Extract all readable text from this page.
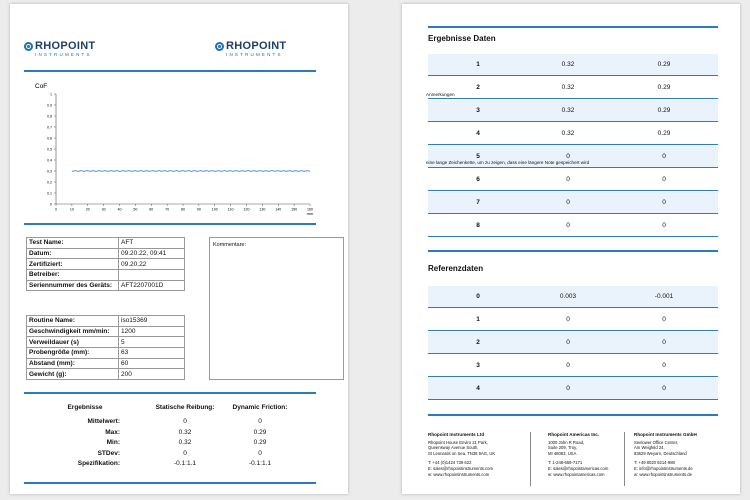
RHOPOINT
INSTRUMENTS
RHOPOINT
INSTRUMENTS
CoF
1
0.9
0.8
0.7
0.6
0.5
0.4
0.3
0.2
0.1
0
0	10	20	30	40	50	60	70	80	90	100	110	120	130	140	150	160
mm
Test Name:	AFT
Datum:	09.20.22, 09:41
Zertifiziert:	09.20.22
Betreiber:	
Seriennummer des Geräts:	AFT2207001D
Routine Name:	iso15369
Geschwindigkeit mm/min:	1200
Verweildauer (s)	5
Probengröße (mm):	63
Abstand (mm):	60
Gewicht (g):	200
Kommentare:
Ergebnisse	Statische Reibung:	Dynamic Friction:
Mittelwert:	0	0
Max:	0.32	0.29
Min:	0.32	0.29
STDev:	0	0
Spezifikation:	-0.1:1.1	-0.1:1.1
Ergebnisse Daten
1	0.32	0.29
2	0.32	0.29
3	0.32	0.29
4	0.32	0.29
5	0	0
6	0	0
7	0	0
8	0	0
Anmerkungen
eine lange Zeichenkette, um zu zeigen, dass eine längere Note gespeichert wird
Referenzdaten
0	0.003	-0.001
1	0	0
2	0	0
3	0	0
4	0	0
Rhopoint Instruments Ltd
Rhopoint House Enviro 21 Park,
Queensway Avenue South,
St Leonards on Sea, TN38 9AG, UK
T: +44 (0)1424 739 622
E: sales@rhopointinstruments.com
w: www.rhopointinstruments.com
Rhopoint Americas Inc.
1000 John R Road,
Suite 209, Troy,
MI 48083, USA
T: 1-248-659-7171
E: sales@rhopointamericas.com
w: www.rhopointamericas.com
Rhopoint Instruments GmbH
Seelower Office Center,
Am Weigfeld 24,
83629 Weyarn, Deutschland
T: +49 8020 9214-988
E: info@rhopointinstruments.de
w: www.rhopointinstruments.de
